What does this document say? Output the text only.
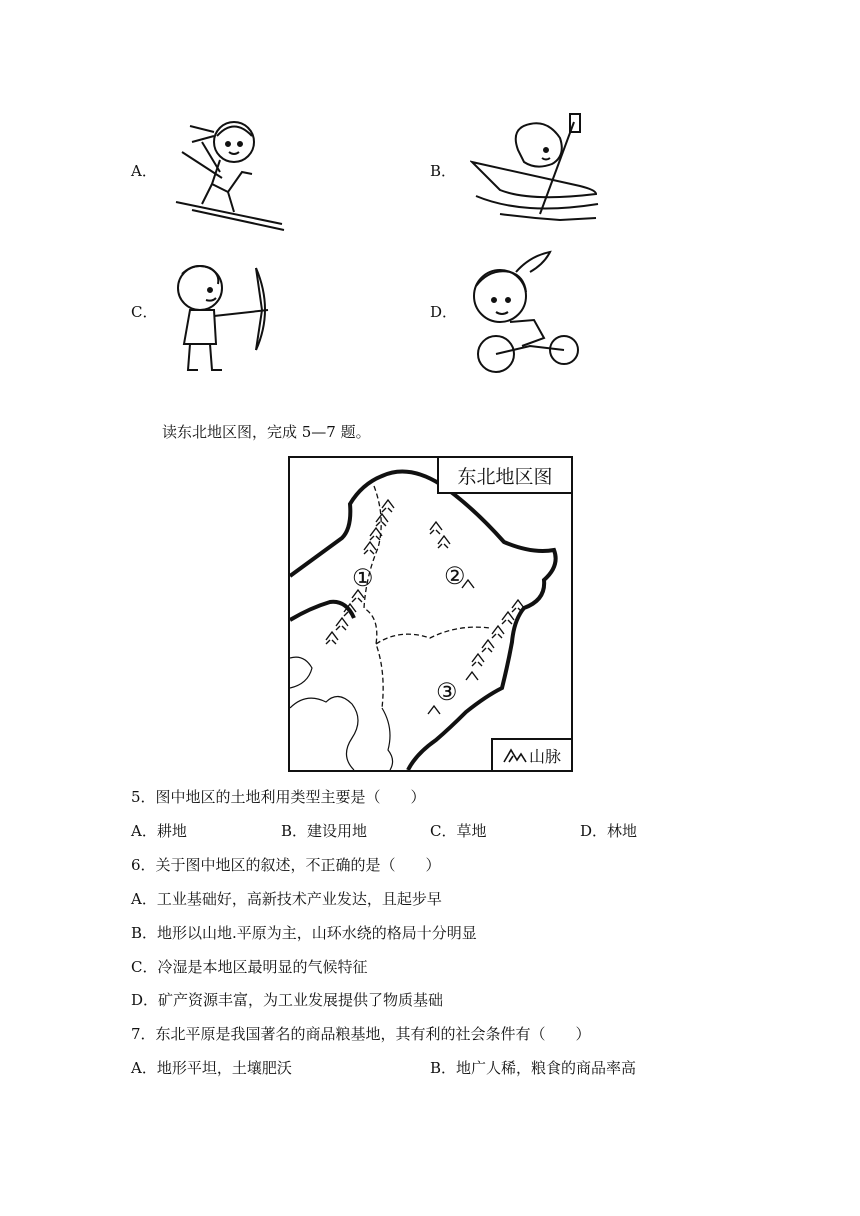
A．	B．
C．	D．
读东北地区图，完成 5—7 题。
①	②
③
东北地区图
山脉
5．图中地区的土地利用类型主要是（　　）
A．耕地	B．建设用地	C．草地	D．林地
6．关于图中地区的叙述，不正确的是（　　）
A．工业基础好，高新技术产业发达，且起步早
B．地形以山地.平原为主，山环水绕的格局十分明显
C．冷湿是本地区最明显的气候特征
D．矿产资源丰富，为工业发展提供了物质基础
7．东北平原是我国著名的商品粮基地，其有利的社会条件有（　　）
A．地形平坦，土壤肥沃	B．地广人稀，粮食的商品率高
